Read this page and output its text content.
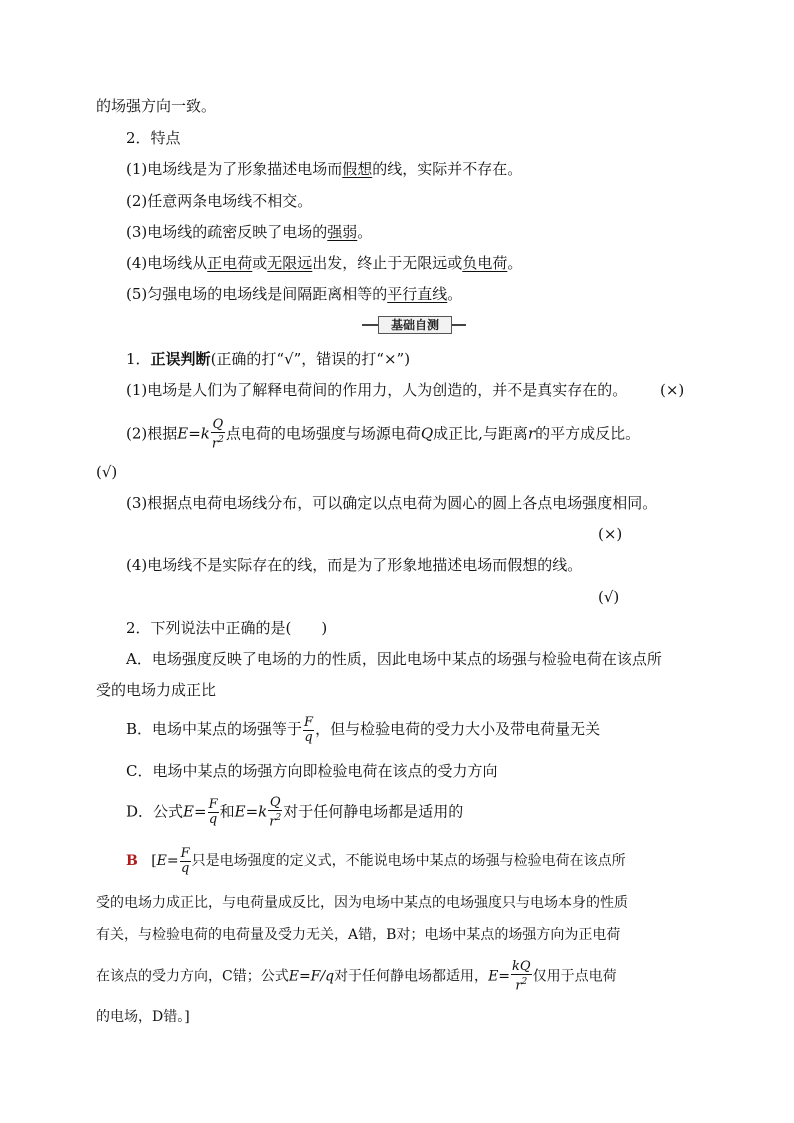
的场强方向一致。
2．特点
(1)电场线是为了形象描述电场而假想的线，实际并不存在。
(2)任意两条电场线不相交。
(3)电场线的疏密反映了电场的强弱。
(4)电场线从正电荷或无限远出发，终止于无限远或负电荷。
(5)匀强电场的电场线是间隔距离相等的平行直线。
基础自测
1．正误判断(正确的打“√”，错误的打“×”)
(1)电场是人们为了解释电荷间的作用力，人为创造的，并不是真实存在的。 (×)
(2)根据$E=k \frac{Q}{r^2}$ 点电荷的电场强度与场源电荷Q成正比,与距离r的平方成反比。
(√)
(3)根据点电荷电场线分布，可以确定以点电荷为圆心的圆上各点电场强度相同。
(×)
(4)电场线不是实际存在的线，而是为了形象地描述电场而假想的线。
(√)
2．下列说法中正确的是(　　)
A．电场强度反映了电场的力的性质，因此电场中某点的场强与检验电荷在该点所
受的电场力成正比
B．电场中某点的场强等于 $\frac{F}{q}$ ，但与检验电荷的受力大小及带电荷量无关
C．电场中某点的场强方向即检验电荷在该点的受力方向
D．公式$E= \frac{F}{q}$ 和$E=k \frac{Q}{r^2}$ 对于任何静电场都是适用的
B [$E= \frac{F}{q}$ 只是电场强度的定义式，不能说电场中某点的场强与检验电荷在该点所
受的电场力成正比，与电荷量成反比，因为电场中某点的电场强度只与电场本身的性质
有关，与检验电荷的电荷量及受力无关，A错，B对；电场中某点的场强方向为正电荷
在该点的受力方向，C错；公式E=F/q对于任何静电场都适用，$E= \frac{kQ}{r^2}$ 仅用于点电荷
的电场，D错。]
